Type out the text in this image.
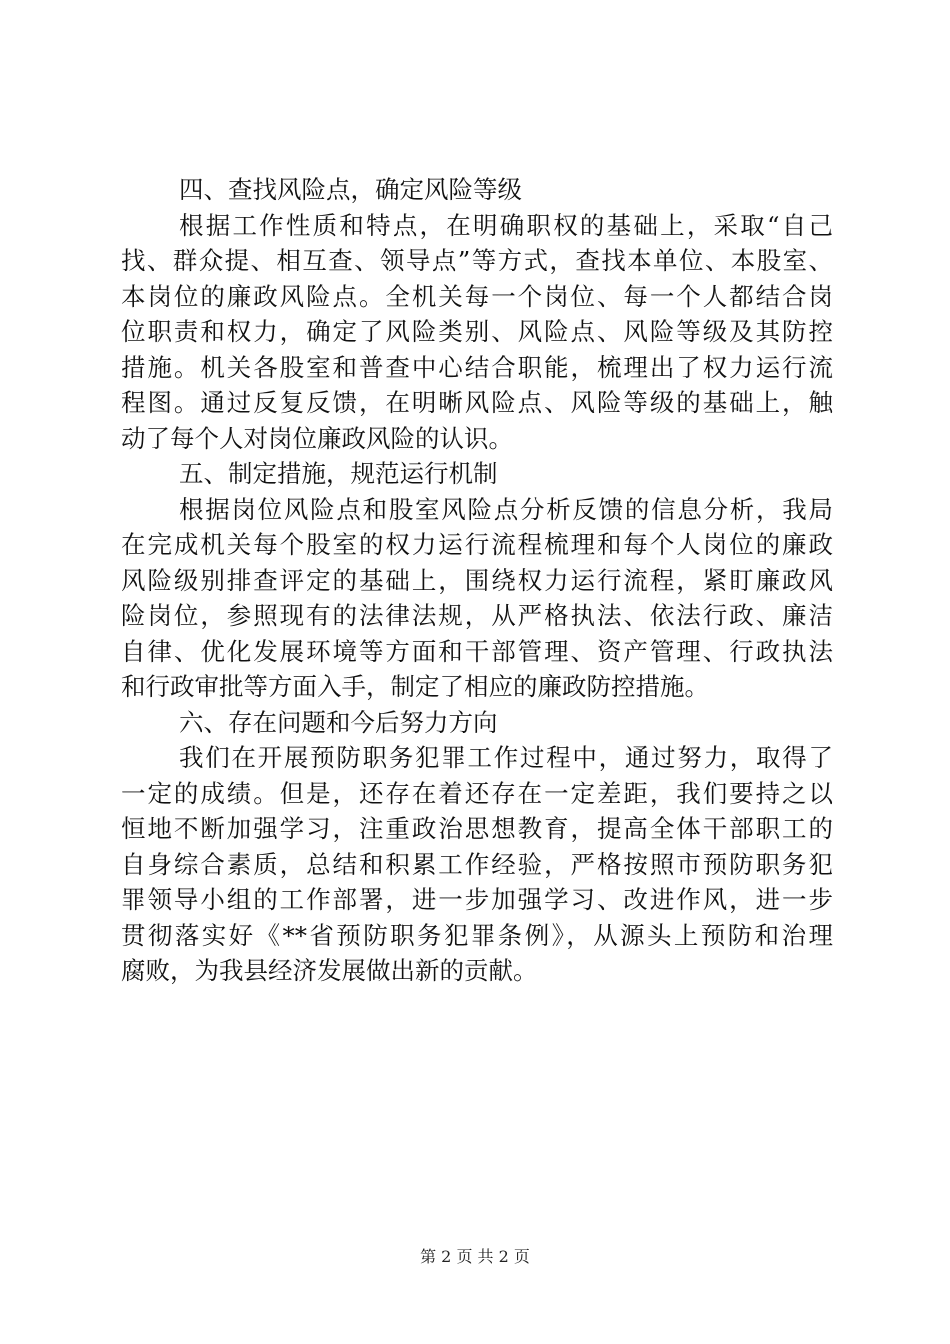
四、查找风险点，确定风险等级
根据工作性质和特点，在明确职权的基础上，采取“自己
找、群众提、相互查、领导点”等方式，查找本单位、本股室、
本岗位的廉政风险点。全机关每一个岗位、每一个人都结合岗
位职责和权力，确定了风险类别、风险点、风险等级及其防控
措施。机关各股室和普查中心结合职能，梳理出了权力运行流
程图。通过反复反馈，在明晰风险点、风险等级的基础上，触
动了每个人对岗位廉政风险的认识。
五、制定措施，规范运行机制
根据岗位风险点和股室风险点分析反馈的信息分析，我局
在完成机关每个股室的权力运行流程梳理和每个人岗位的廉政
风险级别排查评定的基础上，围绕权力运行流程，紧盯廉政风
险岗位，参照现有的法律法规，从严格执法、依法行政、廉洁
自律、优化发展环境等方面和干部管理、资产管理、行政执法
和行政审批等方面入手，制定了相应的廉政防控措施。
六、存在问题和今后努力方向
我们在开展预防职务犯罪工作过程中，通过努力，取得了
一定的成绩。但是，还存在着还存在一定差距，我们要持之以
恒地不断加强学习，注重政治思想教育，提高全体干部职工的
自身综合素质，总结和积累工作经验，严格按照市预防职务犯
罪领导小组的工作部署，进一步加强学习、改进作风，进一步
贯彻落实好《**省预防职务犯罪条例》，从源头上预防和治理
腐败，为我县经济发展做出新的贡献。
第 2 页 共 2 页
